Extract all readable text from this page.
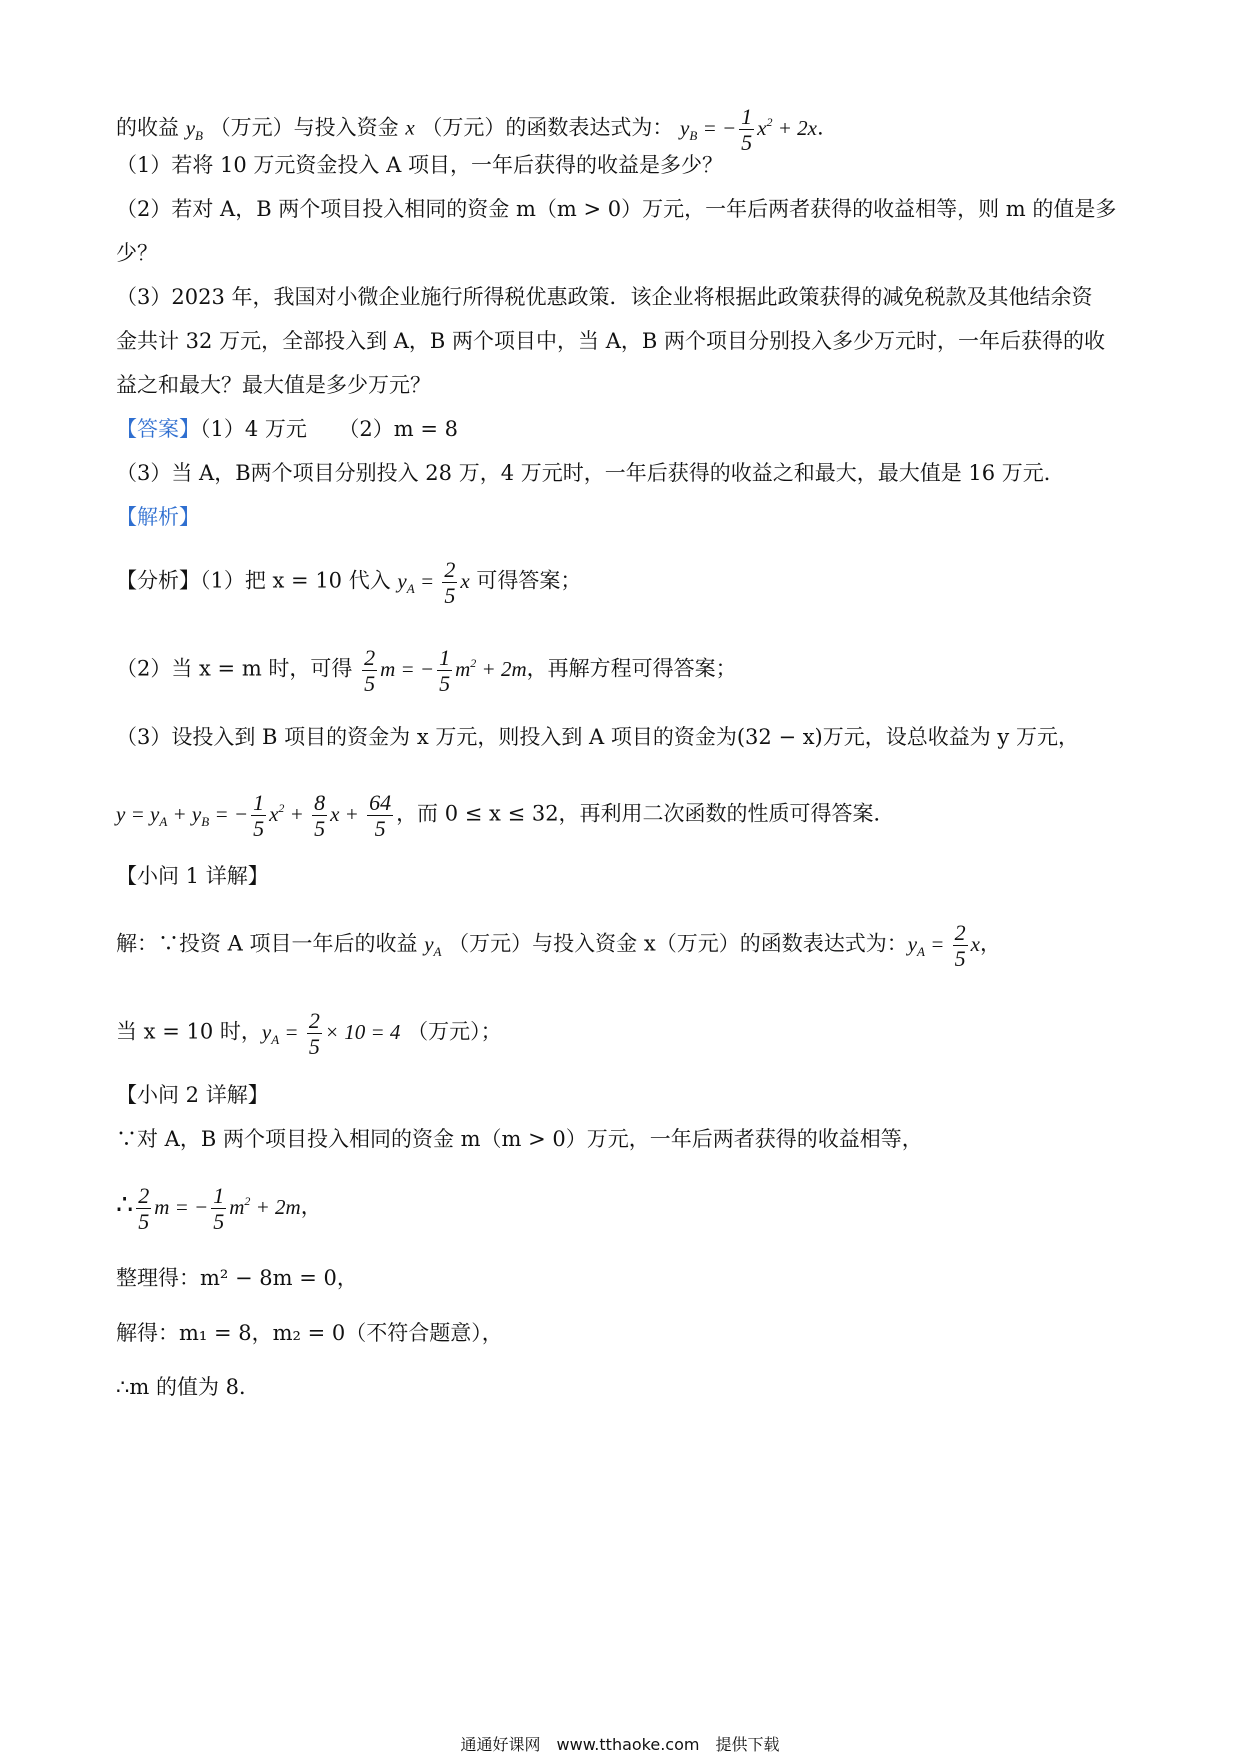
的收益 $y_B$ （万元）与投入资金 x （万元）的函数表达式为： $y_B$ = − $\frac{1}{5} x^2 + 2x$.
（1）若将 10 万元资金投入 A 项目，一年后获得的收益是多少？
（2）若对 A，B 两个项目投入相同的资金 m（m > 0）万元，一年后两者获得的收益相等，则 m 的值是多
少？
（3）2023 年，我国对小微企业施行所得税优惠政策．该企业将根据此政策获得的减免税款及其他结余资
金共计 32 万元，全部投入到 A，B 两个项目中，当 A，B 两个项目分别投入多少万元时，一年后获得的收
益之和最大？最大值是多少万元？
【答案】（1）4 万元　　（2）m = 8
（3）当 A，B两个项目分别投入 28 万，4 万元时，一年后获得的收益之和最大，最大值是 16 万元．
【解析】
【分析】（1）把 x = 10 代入 $y_A = \frac{2}{5}$ x 可得答案；
（2）当 x = m 时，可得 $\frac{2}{5}$ m = − $\frac{1}{5} m^2 + 2m$，再解方程可得答案；
（3）设投入到 B 项目的资金为 x 万元，则投入到 A 项目的资金为(32 − x)万元，设总收益为 y 万元，
$y = y_A + y_B$ = − $\frac{1}{5} x^2 + \frac{8}{5}$ $x + \frac{64}{5}$ ，而 0 ≤ x ≤ 32，再利用二次函数的性质可得答案．
【小问 1 详解】
解：∵投资 A 项目一年后的收益 $y_A$ （万元）与投入资金 x（万元）的函数表达式为：$y_A = \frac{2}{5}$ x，
当 x = 10 时，$y_A = \frac{2}{5} \times 10 = 4$ （万元）；
【小问 2 详解】
∵对 A，B 两个项目投入相同的资金 m（m > 0）万元，一年后两者获得的收益相等，
∴ $\frac{2}{5}$ m = − $\frac{1}{5} m^2 + 2m$，
整理得：m² − 8m = 0，
解得：m₁ = 8，m₂ = 0（不符合题意），
∴m 的值为 8．
通通好课网　www.tthaoke.com　提供下载
